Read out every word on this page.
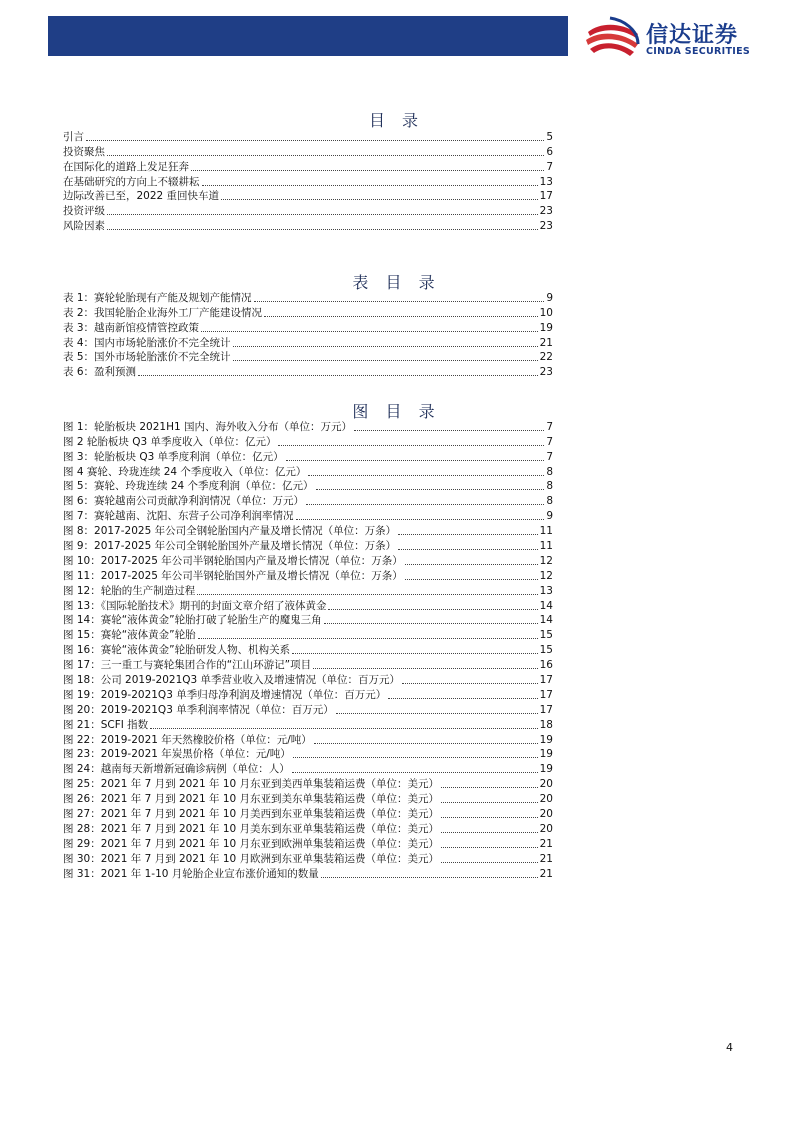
信达证券
CINDA SECURITIES
目 录
引言	5
投资聚焦	6
在国际化的道路上发足狂奔	7
在基础研究的方向上不辍耕耘	13
边际改善已至，2022 重回快车道	17
投资评级	23
风险因素	23
表 目 录
表 1：赛轮轮胎现有产能及规划产能情况	9
表 2：我国轮胎企业海外工厂产能建设情况	10
表 3：越南新馆疫情管控政策	19
表 4：国内市场轮胎涨价不完全统计	21
表 5：国外市场轮胎涨价不完全统计	22
表 6：盈利预测	23
图 目 录
图 1：轮胎板块 2021H1 国内、海外收入分布（单位：万元）	7
图 2 轮胎板块 Q3 单季度收入（单位：亿元）	7
图 3：轮胎板块 Q3 单季度利润（单位：亿元）	7
图 4 赛轮、玲珑连续 24 个季度收入（单位：亿元）	8
图 5：赛轮、玲珑连续 24 个季度利润（单位：亿元）	8
图 6：赛轮越南公司贡献净利润情况（单位：万元）	8
图 7：赛轮越南、沈阳、东营子公司净利润率情况	9
图 8：2017-2025 年公司全钢轮胎国内产量及增长情况（单位：万条）	11
图 9：2017-2025 年公司全钢轮胎国外产量及增长情况（单位：万条）	11
图 10：2017-2025 年公司半钢轮胎国内产量及增长情况（单位：万条）	12
图 11：2017-2025 年公司半钢轮胎国外产量及增长情况（单位：万条）	12
图 12：轮胎的生产制造过程	13
图 13：《国际轮胎技术》期刊的封面文章介绍了液体黄金	14
图 14：赛轮“液体黄金”轮胎打破了轮胎生产的魔鬼三角	14
图 15：赛轮“液体黄金”轮胎	15
图 16：赛轮“液体黄金”轮胎研发人物、机构关系	15
图 17：三一重工与赛轮集团合作的“江山环游记”项目	16
图 18：公司 2019-2021Q3 单季营业收入及增速情况（单位：百万元）	17
图 19：2019-2021Q3 单季归母净利润及增速情况（单位：百万元）	17
图 20：2019-2021Q3 单季利润率情况（单位：百万元）	17
图 21：SCFI 指数	18
图 22：2019-2021 年天然橡胶价格（单位：元/吨）	19
图 23：2019-2021 年炭黑价格（单位：元/吨）	19
图 24：越南每天新增新冠确诊病例（单位：人）	19
图 25：2021 年 7 月到 2021 年 10 月东亚到美西单集装箱运费（单位：美元）	20
图 26：2021 年 7 月到 2021 年 10 月东亚到美东单集装箱运费（单位：美元）	20
图 27：2021 年 7 月到 2021 年 10 月美西到东亚单集装箱运费（单位：美元）	20
图 28：2021 年 7 月到 2021 年 10 月美东到东亚单集装箱运费（单位：美元）	20
图 29：2021 年 7 月到 2021 年 10 月东亚到欧洲单集装箱运费（单位：美元）	21
图 30：2021 年 7 月到 2021 年 10 月欧洲到东亚单集装箱运费（单位：美元）	21
图 31：2021 年 1-10 月轮胎企业宣布涨价通知的数量	21
4
